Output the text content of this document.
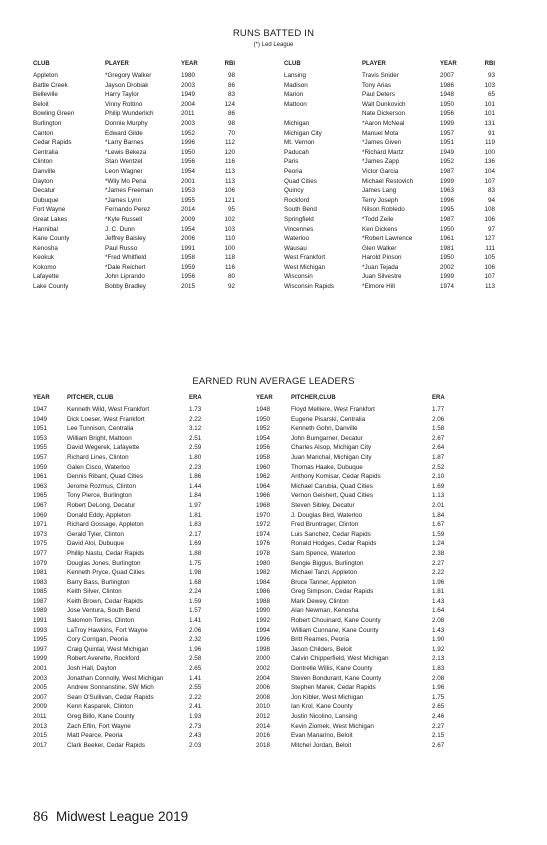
RUNS BATTED IN
(*) Led League
CLUB	PLAYER	YEAR	RBI
Appleton	*Gregory Walker	1980	98
Battle Creek	Jayson Drobiak	2003	86
Belleville	Harry Taylor	1949	83
Beloit	Vinny Rottino	2004	124
Bowling Green	Philip Wunderlich	2011	86
Burlington	Donnie Murphy	2003	98
Canton	Edward Gilde	1952	70
Cedar Rapids	*Larry Barnes	1996	112
Centralia	*Lewis Bekeza	1950	120
Clinton	Stan Wentzel	1956	116
Danville	Leon Wagner	1954	113
Dayton	*Wily Mo Pena	2001	113
Decatur	*James Freeman	1953	106
Dubuque	*James Lynn	1955	121
Fort Wayne	Fernando Perez	2014	95
Great Lakes	*Kyle Russell	2009	102
Hannibal	J. C. Dunn	1954	103
Kane County	Jeffrey Baisley	2006	110
Kenosha	Paul Russo	1991	100
Keokuk	*Fred Whitfield	1958	118
Kokomo	*Dale Reichert	1959	116
Lafayette	John Liprando	1956	80
Lake County	Bobby Bradley	2015	92
CLUB	PLAYER	YEAR	RBI
Lansing	Travis Snider	2007	93
Madison	Tony Arias	1986	103
Marion	Paul Deters	1948	65
Mattoon	Walt Dunkovich	1950	101
	Nate Dickerson	1956	101
Michigan	*Aaron McNeal	1999	131
Michigan City	Manuel Mota	1957	91
Mt. Vernon	*James Given	1951	119
Paducah	*Richard Martz	1949	100
Paris	*James Zapp	1952	136
Peoria	Victor Garcia	1987	104
Quad Cities	Michael Restovich	1999	107
Quincy	James Lang	1963	83
Rockford	Terry Joseph	1996	94
South Bend	Nilson Robledo	1995	108
Springfield	*Todd Zeile	1987	106
Vincennes	Ken Dickens	1950	97
Waterloo	*Robert Lawrence	1961	127
Wausau	Glen Walker	1981	111
West Frankfort	Harold Pinson	1950	105
West Michigan	*Juan Tejada	2002	106
Wisconsin	Juan Silvestre	1999	107
Wisconsin Rapids	*Elmore Hill	1974	113
EARNED RUN AVERAGE LEADERS
YEAR	PITCHER, CLUB	ERA
1947	Kenneth Wild, West Frankfort	1.73
1949	Dick Loeser, West Frankfort	2.22
1951	Lee Tunnison, Centralia	3.12
1953	William Bright, Mattoon	2.51
1955	David Wegerek, Lafayette	2.59
1957	Richard Lines, Clinton	1.80
1959	Galen Cisco, Waterloo	2.23
1961	Dennis Ribant, Quad Cities	1.86
1963	Jerome Rozmus, Clinton	1.44
1965	Tony Pierce, Burlington	1.84
1967	Robert DeLong, Decatur	1.97
1969	Donald Eddy, Appleton	1.81
1971	Richard Gossage, Appleton	1.83
1973	Gerald Tyler, Clinton	2.17
1975	David Aloi, Dubuque	1.69
1977	Phillip Nastu, Cedar Rapids	1.88
1979	Douglas Jones, Burlington	1.75
1981	Kenneth Pryce, Quad Cities	1.98
1983	Barry Bass, Burlington	1.68
1985	Keith Silver, Clinton	2.24
1987	Keith Brown, Cedar Rapids	1.59
1989	Jose Ventura, South Bend	1.57
1991	Salomon Torres, Clinton	1.41
1993	LaTroy Hawkins, Fort Wayne	2.06
1995	Cory Corrigan, Peoria	2.32
1997	Craig Quintal, West Michigan	1.96
1999	Robert Averette, Rockford	2.58
2001	Josh Hall, Dayton	2.65
2003	Jonathan Connolly, West Michigan	1.41
2005	Andrew Sonnanstine, SW Mich	2.55
2007	Sean O'Sullivan, Cedar Rapids	2.22
2009	Kenn Kasparek, Clinton	2.41
2011	Greg Billo, Kane County	1.93
2013	Zach Eflin, Fort Wayne	2.73
2015	Matt Pearce, Peoria	2.43
2017	Clark Beeker, Cedar Rapids	2.03
YEAR	PITCHER,CLUB	ERA
1948	Floyd Melliere, West Frankfort	1.77
1950	Eugene Pisarski, Centralia	2.06
1952	Kenneth Gohn, Danville	1.58
1954	John Bumgarner, Decatur	2.67
1956	Charles Alsop, Michigan City	2.64
1958	Juan Marichal, Michigan City	1.87
1960	Thomas Haake, Dubuque	2.52
1962	Anthony Komisar, Cedar Rapids	2.10
1964	Michael Carubia, Quad Cities	1.69
1966	Vernon Geishert, Quad Cities	1.13
1968	Steven Sibley, Decatur	2.01
1970	J. Douglas Bird, Waterloo	1.84
1972	Fred Bruntrager, Clinton	1.67
1974	Luis Sanchez, Cedar Rapids	1.59
1976	Ronald Hodges, Cedar Rapids	1.24
1978	Sam Spence, Waterloo	2.38
1980	Bengie Biggus, Burlington	2.27
1982	Michael Tanzi, Appleton	2.22
1984	Bruce Tanner, Appleton	1.96
1986	Greg Simpson, Cedar Rapids	1.81
1988	Mark Dewey, Clinton	1.43
1990	Alan Newman, Kenosha	1.64
1992	Robert Chouinard, Kane County	2.08
1994	William Cunnane, Kane County	1.43
1996	Britt Reames, Peoria	1.90
1998	Jason Childers, Beloit	1.92
2000	Calvin Chipperfield, West Michigan	2.13
2002	Dontrelle Willis, Kane County	1.83
2004	Steven Bondurant, Kane County	2.08
2006	Stephen Marek, Cedar Rapids	1.96
2008	Jon Kibler, West Michigan	1.75
2010	Ian Krol, Kane County	2.65
2012	Justin Nicolino, Lansing	2.46
2014	Kevin Ziomek, West Michigan	2.27
2016	Evan Manarino, Beloit	2.15
2018	Mitchel Jordan, Beloit	2.67
86 Midwest League 2019
